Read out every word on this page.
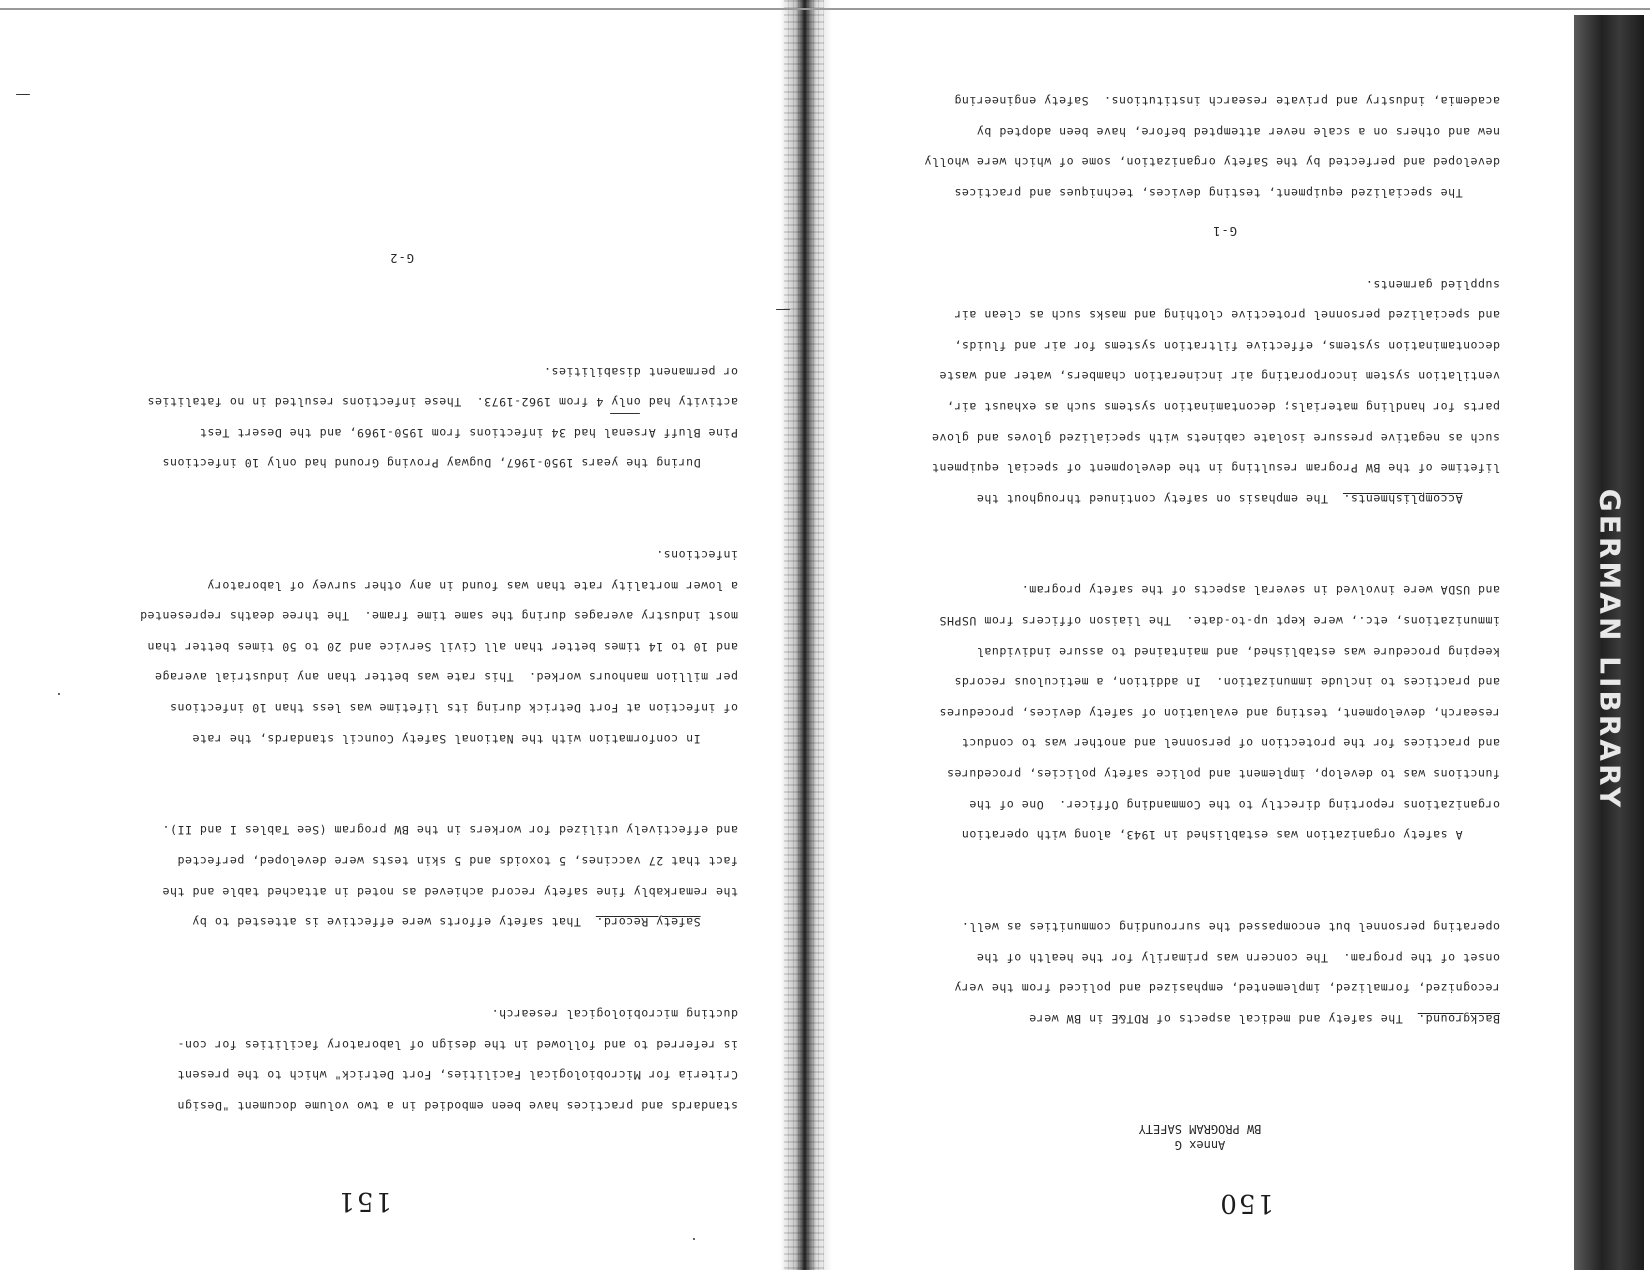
GERMAN LIBRARY
150
Annex G
BW PROGRAM SAFETY

Background.  The safety and medical aspects of RDT&E in BW were
recognized, formalized, implemented, emphasized and policed from the very
onset of the program.  The concern was primarily for the health of the
operating personnel but encompassed the surrounding communities as well.

A safety organization was established in 1943, along with operation
organizations reporting directly to the Commanding Officer.  One of the
functions was to develop, implement and police safety policies, procedures
and practices for the protection of personnel and another was to conduct
research, development, testing and evaluation of safety devices, procedures
and practices to include immunization.  In addition, a meticulous records
keeping procedure was established, and maintained to assure individual
immunizations, etc., were kept up-to-date.  The liaison officers from USPHS
and USDA were involved in several aspects of the safety program.

Accomplishments.  The emphasis on safety continued throughout the
lifetime of the BW Program resulting in the development of special equipment
such as negative pressure isolate cabinets with specialized gloves and glove
parts for handling materials; decontamination systems such as exhaust air,
ventilation system incorporating air incineration chambers, water and waste
decontamination systems, effective filtration systems for air and fluids,
and specialized personnel protective clothing and masks such as clean air
supplied garments.

The specialized equipment, testing devices, techniques and practices
developed and perfected by the Safety organization, some of which were wholly
new and others on a scale never attempted before, have been adopted by
academia, industry and private research institutions.  Safety engineering

G-1
151

standards and practices have been embodied in a two volume document "Design
Criteria for Microbiological Facilities, Fort Detrick" which to the present
is referred to and followed in the design of laboratory facilities for con-
ducting microbiological research.

Safety Record.  That safety efforts were effective is attested to by
the remarkably fine safety record achieved as noted in attached table and the
fact that 27 vaccines, 5 toxoids and 5 skin tests were developed, perfected
and effectively utilized for workers in the BW program (See Tables I and II).

In conformation with the National Safety Council standards, the rate
of infection at Fort Detrick during its lifetime was less than 10 infections
per million manhours worked.  This rate was better than any industrial average
and 10 to 14 times better than all Civil Service and 20 to 50 times better than
most industry averages during the same time frame.  The three deaths represented
a lower mortality rate than was found in any other survey of laboratory
infections.

During the years 1950-1967, Dugway Proving Ground had only 10 infections
Pine Bluff Arsenal had 34 infections from 1950-1969, and the Desert Test
activity had only 4 from 1962-1973.  These infections resulted in no fatalities
or permanent disabilities.

G-2
